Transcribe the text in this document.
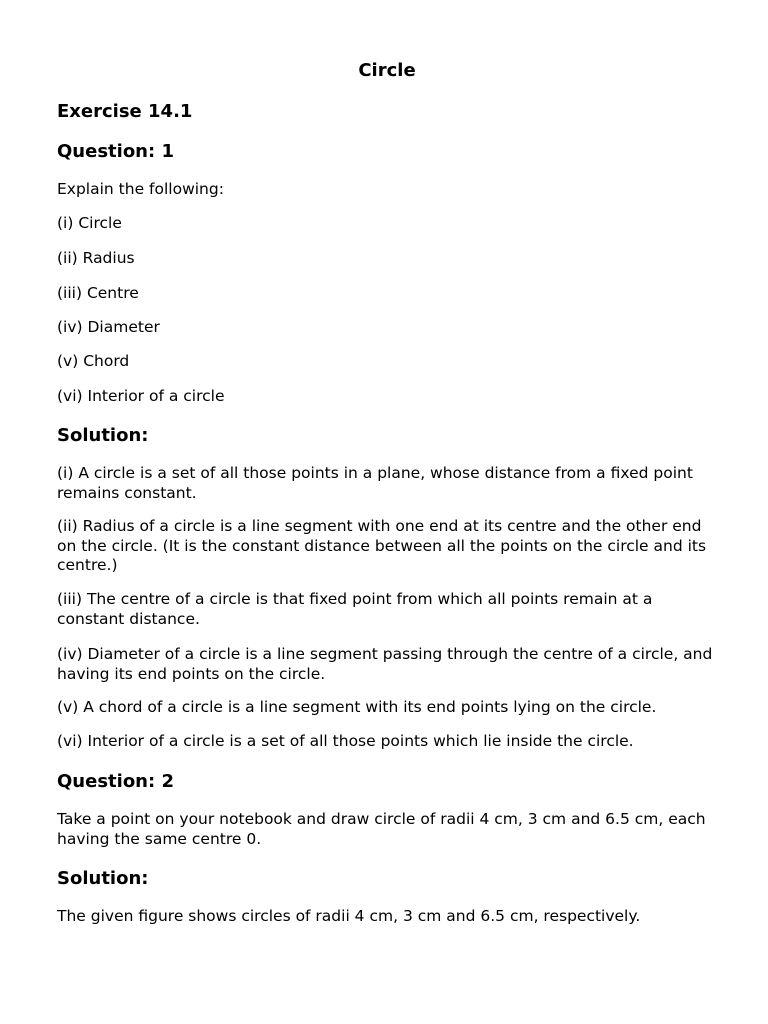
Circle
Exercise 14.1
Question: 1
Explain the following:
(i) Circle
(ii) Radius
(iii) Centre
(iv) Diameter
(v) Chord
(vi) Interior of a circle
Solution:
(i) A circle is a set of all those points in a plane, whose distance from a fixed point remains constant.
(ii) Radius of a circle is a line segment with one end at its centre and the other end on the circle. (It is the constant distance between all the points on the circle and its centre.)
(iii) The centre of a circle is that fixed point from which all points remain at a constant distance.
(iv) Diameter of a circle is a line segment passing through the centre of a circle, and having its end points on the circle.
(v) A chord of a circle is a line segment with its end points lying on the circle.
(vi) Interior of a circle is a set of all those points which lie inside the circle.
Question: 2
Take a point on your notebook and draw circle of radii 4 cm, 3 cm and 6.5 cm, each having the same centre 0.
Solution:
The given figure shows circles of radii 4 cm, 3 cm and 6.5 cm, respectively.
